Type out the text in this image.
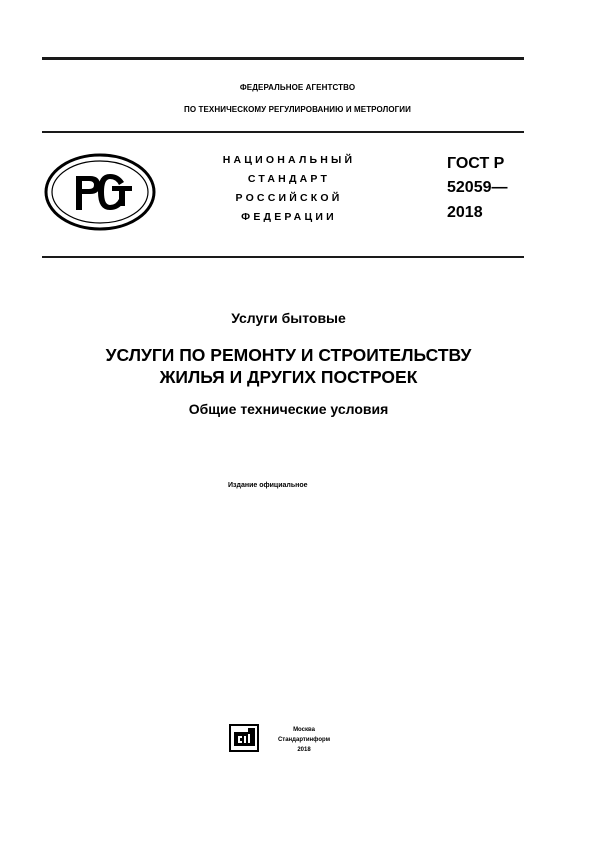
ФЕДЕРАЛЬНОЕ АГЕНТСТВО
ПО ТЕХНИЧЕСКОМУ РЕГУЛИРОВАНИЮ И МЕТРОЛОГИИ
НАЦИОНАЛЬНЫЙ
СТАНДАРТ
РОССИЙСКОЙ
ФЕДЕРАЦИИ
ГОСТ Р
52059—
2018
Услуги бытовые
УСЛУГИ ПО РЕМОНТУ И СТРОИТЕЛЬСТВУ
ЖИЛЬЯ И ДРУГИХ ПОСТРОЕК
Общие технические условия
Издание официальное
Москва
Стандартинформ
2018
